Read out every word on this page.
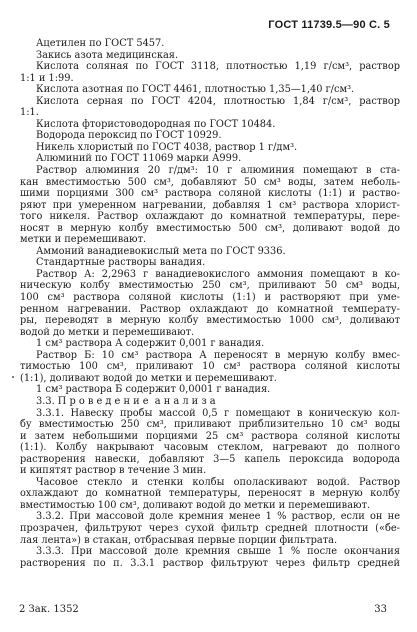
ГОСТ 11739.5—90 С. 5
Ацетилен по ГОСТ 5457.
Закись азота медицинская.
Кислота соляная по ГОСТ 3118, плотностью 1,19 г/см³, раствор
1:1 и 1:99.
Кислота азотная по ГОСТ 4461, плотностью 1,35—1,40 г/см³.
Кислота серная по ГОСТ 4204, плотностью 1,84 г/см³, раствор
1:1.
Кислота фтористоводородная по ГОСТ 10484.
Водорода пероксид по ГОСТ 10929.
Никель хлористый по ГОСТ 4038, раствор 1 г/дм³.
Алюминий по ГОСТ 11069 марки А999.
Раствор алюминия 20 г/дм³: 10 г алюминия помещают в ста-
кан вместимостью 500 см³, добавляют 50 см³ воды, затем неболь-
шими порциями 300 см³ раствора соляной кислоты (1:1) и раство-
ряют при умеренном нагревании, добавляя 1 см³ раствора хлорист-
того никеля. Раствор охлаждают до комнатной температуры, пере-
носят в мерную колбу вместимостью 500 см³, доливают водой до
метки и перемешивают.
Аммоний ванадиевокислый мета по ГОСТ 9336.
Стандартные растворы ванадия.
Раствор А: 2,2963 г ванадиевокислого аммония помещают в ко-
ническую колбу вместимостью 250 см³, приливают 50 см³ воды,
100 см³ раствора соляной кислоты (1:1) и растворяют при уме-
ренном нагревании. Раствор охлаждают до комнатной температу-
ры, переводят в мерную колбу вместимостью 1000 см³, доливают
водой до метки и перемешивают.
1 см³ раствора А содержит 0,001 г ванадия.
Раствор Б: 10 см³ раствора А переносят в мерную колбу вмес-
тимостью 100 см³, приливают 10 см³ раствора соляной кислоты
(1:1), доливают водой до метки и перемешивают.
1 см³ раствора Б содержит 0,0001 г ванадия.
3.3. П р о в е д е н и е  а н а л и з а
3.3.1. Навеску пробы массой 0,5 г помещают в коническую кол-
бу вместимостью 250 см³, приливают приблизительно 10 см³ воды
и затем небольшими порциями 25 см³ раствора соляной кислоты
(1:1). Колбу накрывают часовым стеклом, нагревают до полного
растворения навески, добавляют 3—5 капель пероксида водорода
и кипятят раствор в течение 3 мин.
Часовое стекло и стенки колбы ополаскивают водой. Раствор
охлаждают до комнатной температуры, переносят в мерную колбу
вместимостью 100 см³, доливают водой до метки и перемешивают.
3.3.2. При массовой доле кремния менее 1 % раствор, если он не
прозрачен, фильтруют через сухой фильтр средней плотности («бе-
лая лента») в стакан, отбрасывая первые порции фильтрата.
3.3.3. При массовой доле кремния свыше 1 % после окончания
растворения по п. 3.3.1 раствор фильтруют через фильтр средней
2 Зак. 1352	33
